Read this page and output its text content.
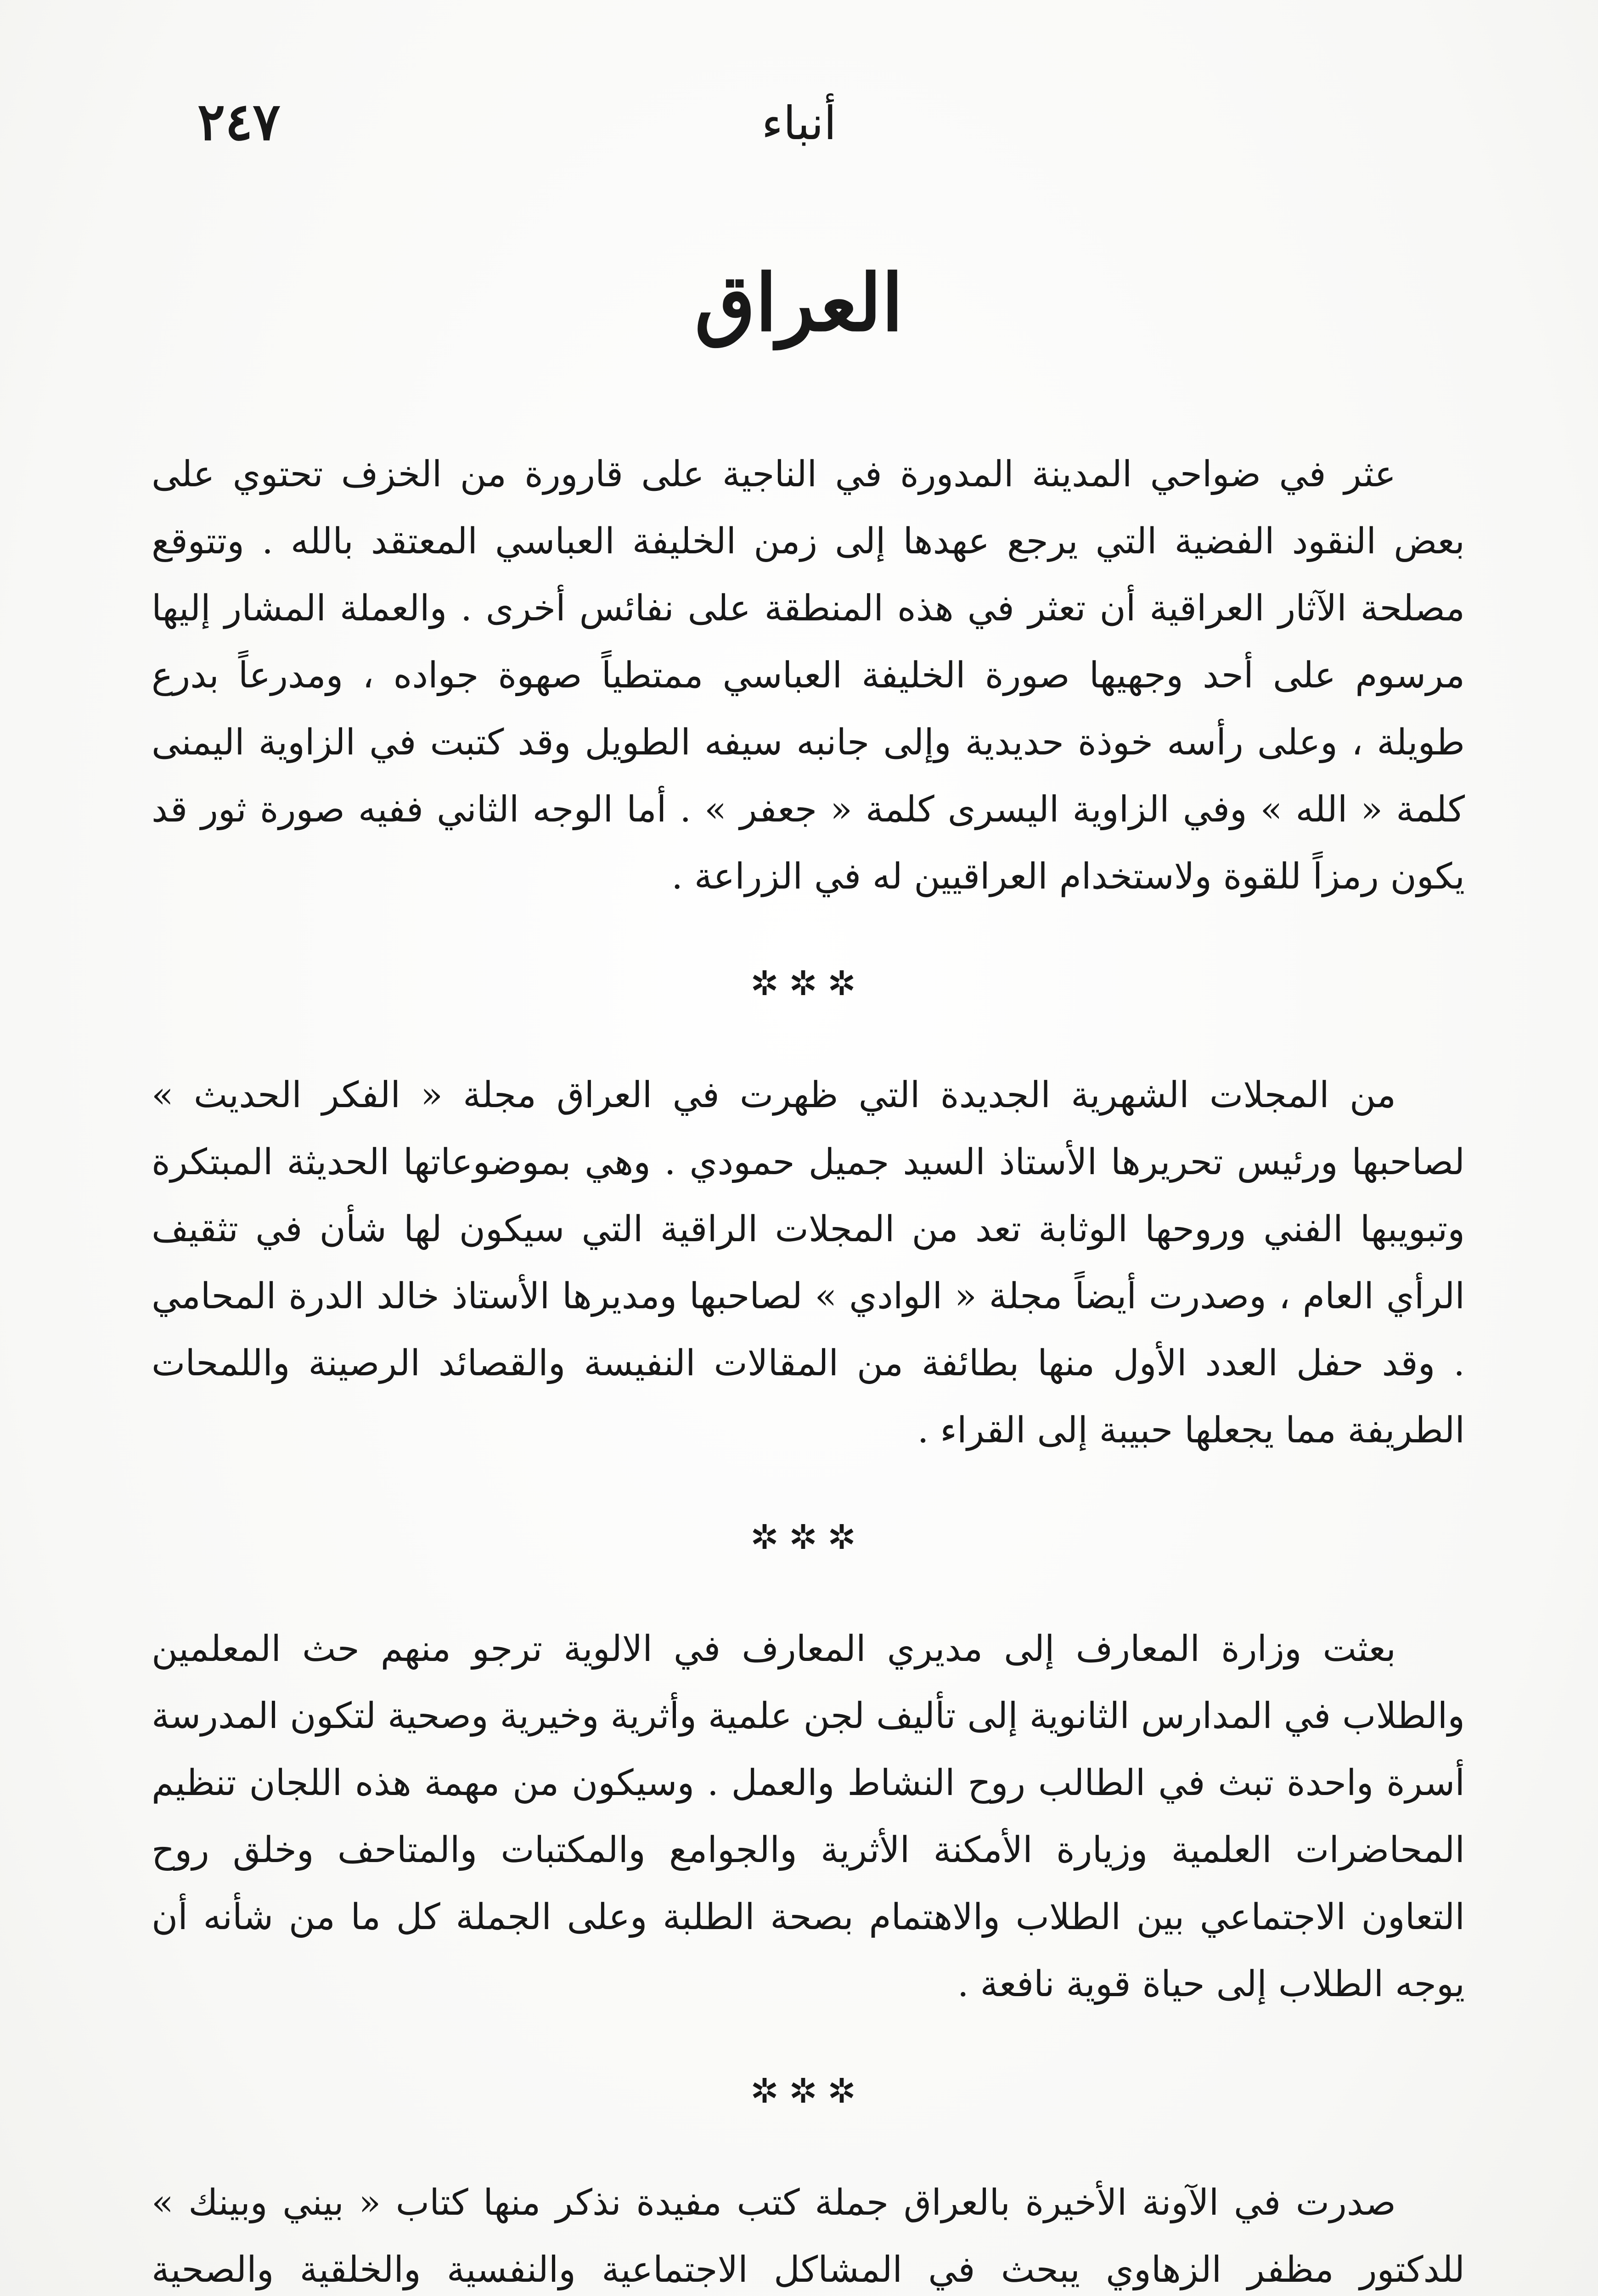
٢٤٧	أنباء
العراق

عثر في ضواحي المدينة المدورة في الناجية على قارورة من الخزف تحتوي على بعض النقود الفضية التي يرجع عهدها إلى زمن الخليفة العباسي المعتقد بالله . وتتوقع مصلحة الآثار العراقية أن تعثر في هذه المنطقة على نفائس أخرى . والعملة المشار إليها مرسوم على أحد وجهيها صورة الخليفة العباسي ممتطياً صهوة جواده ، ومدرعاً بدرع طويلة ، وعلى رأسه خوذة حديدية وإلى جانبه سيفه الطويل وقد كتبت في الزاوية اليمنى كلمة « الله » وفي الزاوية اليسرى كلمة « جعفر » . أما الوجه الثاني ففيه صورة ثور قد يكون رمزاً للقوة ولاستخدام العراقيين له في الزراعة .

✲✲✲

من المجلات الشهرية الجديدة التي ظهرت في العراق مجلة « الفكر الحديث » لصاحبها ورئيس تحريرها الأستاذ السيد جميل حمودي . وهي بموضوعاتها الحديثة المبتكرة وتبويبها الفني وروحها الوثابة تعد من المجلات الراقية التي سيكون لها شأن في تثقيف الرأي العام ، وصدرت أيضاً مجلة « الوادي » لصاحبها ومديرها الأستاذ خالد الدرة المحامي . وقد حفل العدد الأول منها بطائفة من المقالات النفيسة والقصائد الرصينة واللمحات الطريفة مما يجعلها حبيبة إلى القراء .

✲✲✲

بعثت وزارة المعارف إلى مديري المعارف في الالوية ترجو منهم حث المعلمين والطلاب في المدارس الثانوية إلى تأليف لجن علمية وأثرية وخيرية وصحية لتكون المدرسة أسرة واحدة تبث في الطالب روح النشاط والعمل . وسيكون من مهمة هذه اللجان تنظيم المحاضرات العلمية وزيارة الأمكنة الأثرية والجوامع والمكتبات والمتاحف وخلق روح التعاون الاجتماعي بين الطلاب والاهتمام بصحة الطلبة وعلى الجملة كل ما من شأنه أن يوجه الطلاب إلى حياة قوية نافعة .

✲✲✲

صدرت في الآونة الأخيرة بالعراق جملة كتب مفيدة نذكر منها كتاب « بيني وبينك » للدكتور مظفر الزهاوي يبحث في المشاكل الاجتماعية والنفسية والخلقية والصحية
